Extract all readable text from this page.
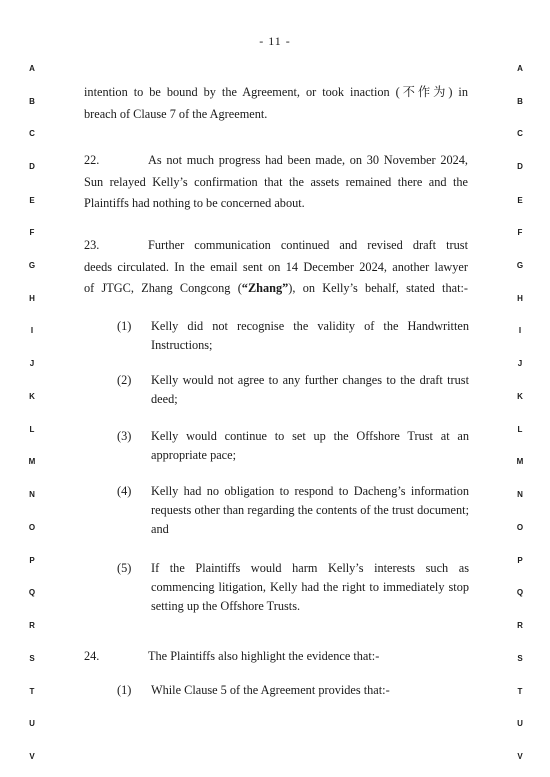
- 11 -
A
B
C
D
E
F
G
H
I
J
K
L
M
N
O
P
Q
R
S
T
U
V
A
B
C
D
E
F
G
H
I
J
K
L
M
N
O
P
Q
R
S
T
U
V
intention to be bound by the Agreement, or took inaction (不作为) in
breach of Clause 7 of the Agreement.
22.	As not much progress had been made, on 30 November 2024,
Sun relayed Kelly’s confirmation that the assets remained there and the
Plaintiffs had nothing to be concerned about.
23.	Further communication continued and revised draft trust
deeds circulated. In the email sent on 14 December 2024, another lawyer
of JTGC, Zhang Congcong (“Zhang”), on Kelly’s behalf, stated that:-
(1)	Kelly did not recognise the validity of the Handwritten Instructions;
(2)	Kelly would not agree to any further changes to the draft trust deed;
(3)	Kelly would continue to set up the Offshore Trust at an appropriate pace;
(4)	Kelly had no obligation to respond to Dacheng’s information requests other than regarding the contents of the trust document; and
(5)	If the Plaintiffs would harm Kelly’s interests such as commencing litigation, Kelly had the right to immediately stop setting up the Offshore Trusts.
24.	The Plaintiffs also highlight the evidence that:-
(1)	While Clause 5 of the Agreement provides that:-
